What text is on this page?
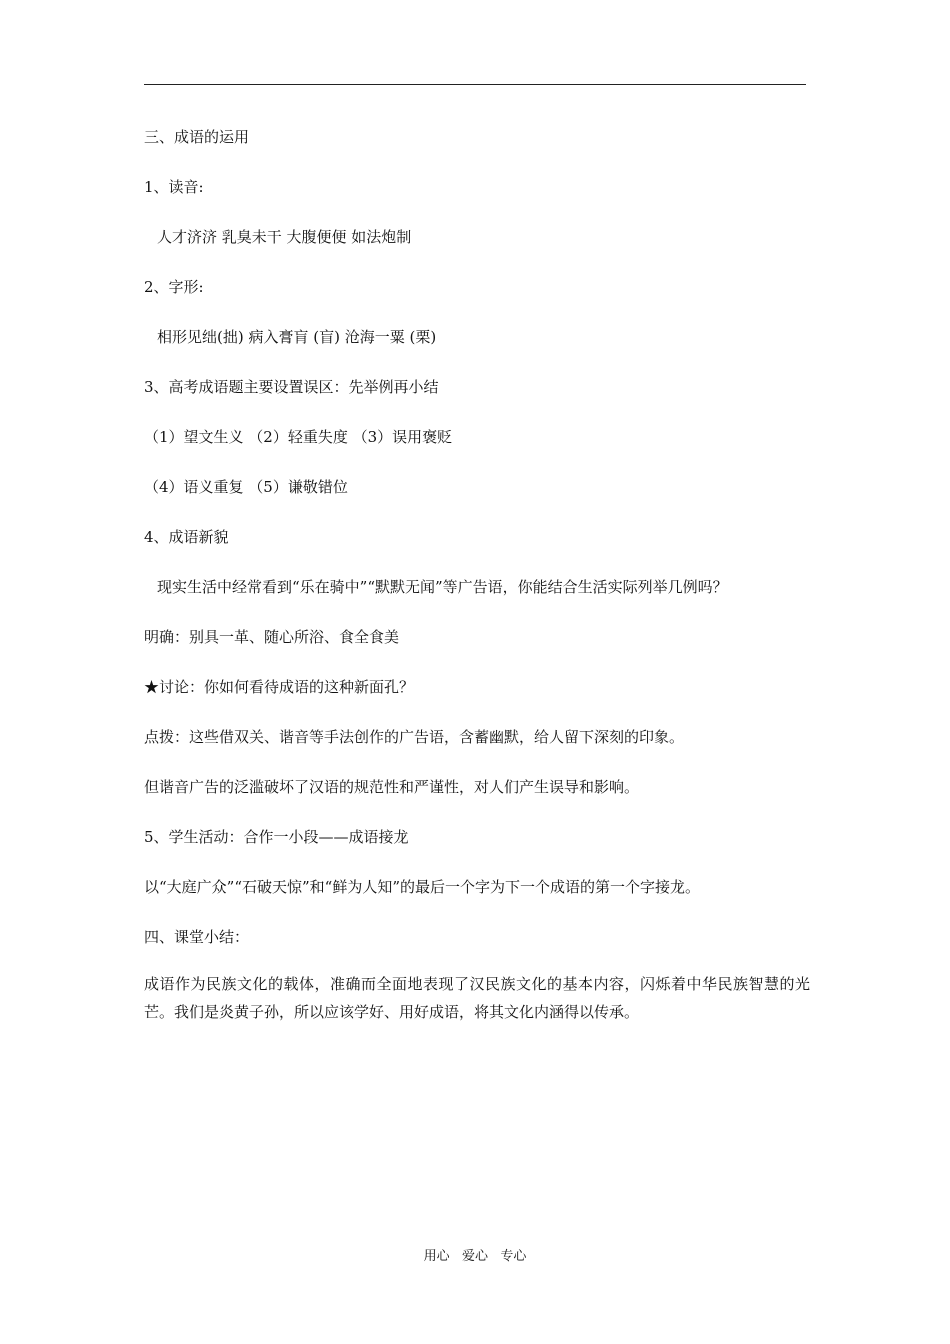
三、成语的运用
1、读音:
人才济济 乳臭未干 大腹便便 如法炮制
2、字形:
相形见绌(拙) 病入膏肓 (盲) 沧海一粟 (栗)
3、高考成语题主要设置误区：先举例再小结
（1）望文生义 （2）轻重失度 （3）误用褒贬
（4）语义重复 （5）谦敬错位
4、成语新貌
现实生活中经常看到“乐在骑中”“默默无闻”等广告语，你能结合生活实际列举几例吗？
明确：别具一革、随心所浴、食全食美
★讨论：你如何看待成语的这种新面孔？
点拨：这些借双关、谐音等手法创作的广告语，含蓄幽默，给人留下深刻的印象。
但谐音广告的泛滥破坏了汉语的规范性和严谨性，对人们产生误导和影响。
5、学生活动：合作一小段——成语接龙
以“大庭广众”“石破天惊”和“鲜为人知”的最后一个字为下一个成语的第一个字接龙。
四、课堂小结：
成语作为民族文化的载体，准确而全面地表现了汉民族文化的基本内容，闪烁着中华民族智慧的光芒。我们是炎黄子孙，所以应该学好、用好成语，将其文化内涵得以传承。
用心   爱心   专心
